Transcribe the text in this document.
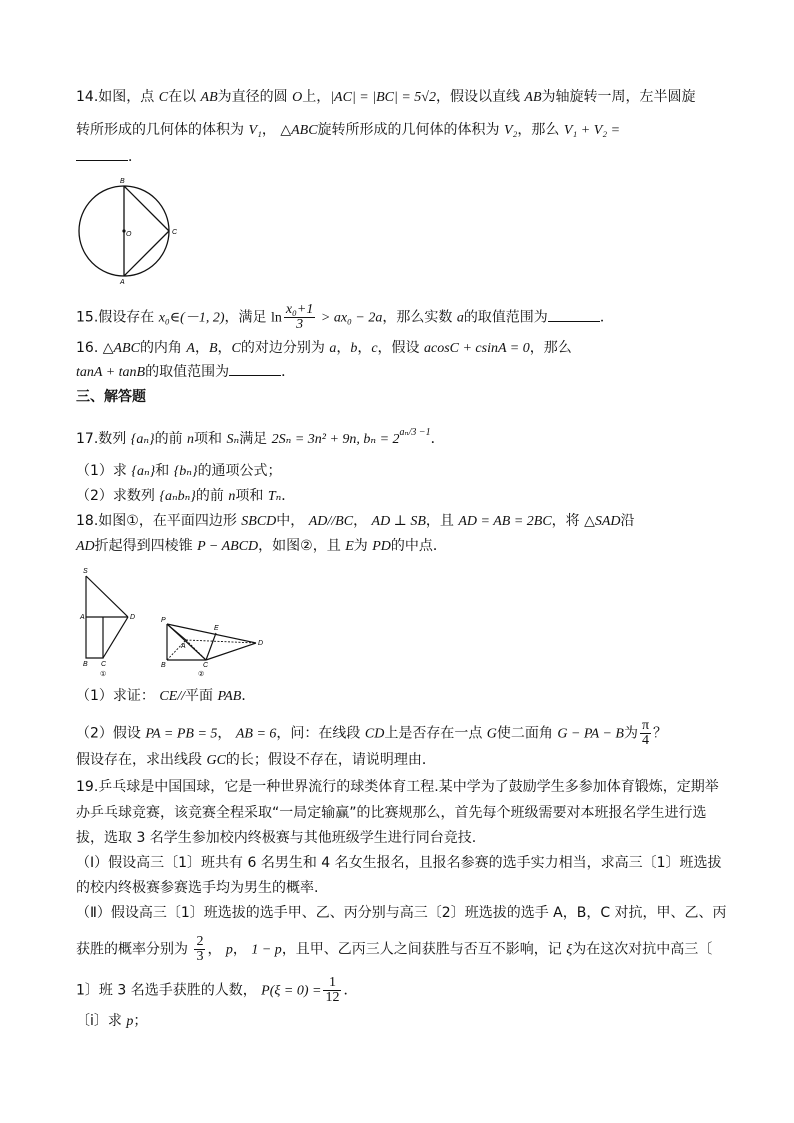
14.如图，点 C在以 AB为直径的圆 O上，|AC| = |BC| = 5√2，假设以直线 AB为轴旋转一周，左半圆旋
转所形成的几何体的体积为 V₁， △ABC旋转所形成的几何体的体积为 V₂，那么 V₁ + V₂ =
．
B
O	C
A
15.假设存在 x₀∈(－1, 2)，满足 $\ln \frac{\text{x₀+1}}{3} > ax_0 - 2a$，那么实数 a的取值范围为	．
16. △ABC的内角 A，B，C的对边分别为 a，b，c，假设 acosC + csinA = 0，那么
tanA + tanB的取值范围为	．
三、解答题
17.数列 {aₙ}的前 n项和 Sₙ满足 2Sₙ = 3n² + 9n, $b_n = 2^{a_n/3 -1}$．
（1）求 {aₙ}和 {bₙ}的通项公式；
（2）求数列 {aₙbₙ}的前 n项和 Tₙ．
18.如图①，在平面四边形 SBCD中， AD//BC， AD ⊥ SB，且 AD = AB = 2BC，将 △SAD沿
AD折起得到四棱锥 P − ABCD，如图②，且 E为 PD的中点．
S
A	D
B C
①
P
E
A	D
B	C
②
（1）求证： CE//平面 PAB．
（2）假设 PA = PB = 5， AB = 6，问：在线段 CD上是否存在一点 G使二面角 G − PA − B为 $\frac{\pi}{4}$ ？
假设存在，求出线段 GC的长；假设不存在，请说明理由．
19.乒乓球是中国国球，它是一种世界流行的球类体育工程.某中学为了鼓励学生多参加体育锻炼，定期举
办乒乓球竞赛，该竞赛全程采取“一局定输赢”的比赛规那么，首先每个班级需要对本班报名学生进行选
拔，选取 3 名学生参加校内终极赛与其他班级学生进行同台竞技.
（Ⅰ）假设高三〔1〕班共有 6 名男生和 4 名女生报名，且报名参赛的选手实力相当，求高三〔1〕班选拔
的校内终极赛参赛选手均为男生的概率.
（Ⅱ）假设高三〔1〕班选拔的选手甲、乙、丙分别与高三〔2〕班选拔的选手 A，B，C 对抗，甲、乙、丙
获胜的概率分别为 $\frac{2}{3}$ ， p， 1 − p，且甲、乙丙三人之间获胜与否互不影响，记 ξ为在这次对抗中高三〔
1〕班 3 名选手获胜的人数， $P(\xi = 0) = \frac{1}{12}$ ．
〔ⅰ〕求 p；
